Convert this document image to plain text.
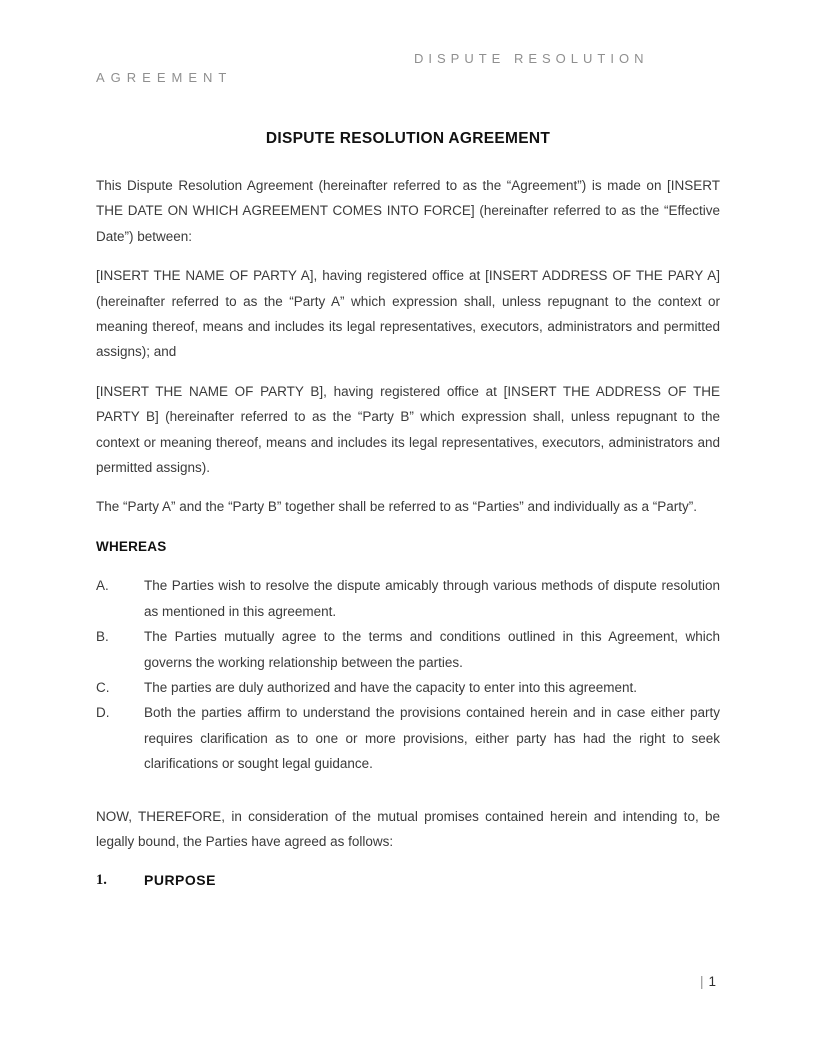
DISPUTE RESOLUTION
AGREEMENT
DISPUTE RESOLUTION AGREEMENT

This Dispute Resolution Agreement (hereinafter referred to as the “Agreement”) is made on [INSERT THE DATE ON WHICH AGREEMENT COMES INTO FORCE] (hereinafter referred to as the “Effective Date”) between:

[INSERT THE NAME OF PARTY A], having registered office at [INSERT ADDRESS OF THE PARY A] (hereinafter referred to as the “Party A” which expression shall, unless repugnant to the context or meaning thereof, means and includes its legal representatives, executors, administrators and permitted assigns); and

[INSERT THE NAME OF PARTY B], having registered office at [INSERT THE ADDRESS OF THE PARTY B] (hereinafter referred to as the “Party B” which expression shall, unless repugnant to the context or meaning thereof, means and includes its legal representatives, executors, administrators and permitted assigns).

The “Party A” and the “Party B” together shall be referred to as “Parties” and individually as a “Party”.

WHEREAS
A.	The Parties wish to resolve the dispute amicably through various methods of dispute resolution as mentioned in this agreement.
B.	The Parties mutually agree to the terms and conditions outlined in this Agreement, which governs the working relationship between the parties.
C.	The parties are duly authorized and have the capacity to enter into this agreement.
D.	Both the parties affirm to understand the provisions contained herein and in case either party requires clarification as to one or more provisions, either party has had the right to seek clarifications or sought legal guidance.

NOW, THEREFORE, in consideration of the mutual promises contained herein and intending to, be legally bound, the Parties have agreed as follows:

1.	PURPOSE
| 1
